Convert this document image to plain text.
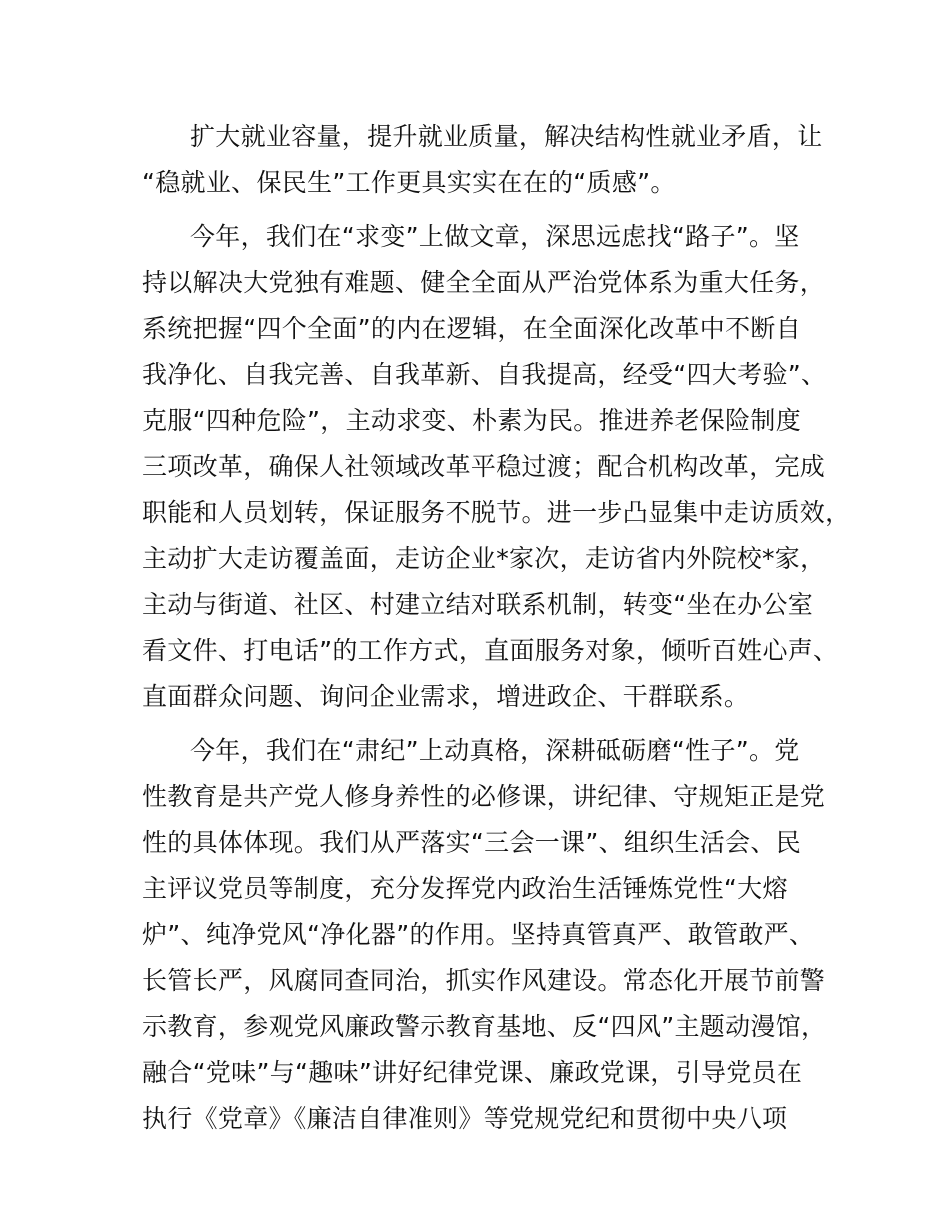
扩大就业容量，提升就业质量，解决结构性就业矛盾，让
“稳就业、保民生”工作更具实实在在的“质感”。
今年，我们在“求变”上做文章，深思远虑找“路子”。坚
持以解决大党独有难题、健全全面从严治党体系为重大任务，
系统把握“四个全面”的内在逻辑，在全面深化改革中不断自
我净化、自我完善、自我革新、自我提高，经受“四大考验”、
克服“四种危险”，主动求变、朴素为民。推进养老保险制度
三项改革，确保人社领域改革平稳过渡；配合机构改革，完成
职能和人员划转，保证服务不脱节。进一步凸显集中走访质效，
主动扩大走访覆盖面，走访企业*家次，走访省内外院校*家，
主动与街道、社区、村建立结对联系机制，转变“坐在办公室
看文件、打电话”的工作方式，直面服务对象，倾听百姓心声、
直面群众问题、询问企业需求，增进政企、干群联系。
今年，我们在“肃纪”上动真格，深耕砥砺磨“性子”。党
性教育是共产党人修身养性的必修课，讲纪律、守规矩正是党
性的具体体现。我们从严落实“三会一课”、组织生活会、民
主评议党员等制度，充分发挥党内政治生活锤炼党性“大熔
炉”、纯净党风“净化器”的作用。坚持真管真严、敢管敢严、
长管长严，风腐同查同治，抓实作风建设。常态化开展节前警
示教育，参观党风廉政警示教育基地、反“四风”主题动漫馆，
融合“党味”与“趣味”讲好纪律党课、廉政党课，引导党员在
执行《党章》《廉洁自律准则》等党规党纪和贯彻中央八项
